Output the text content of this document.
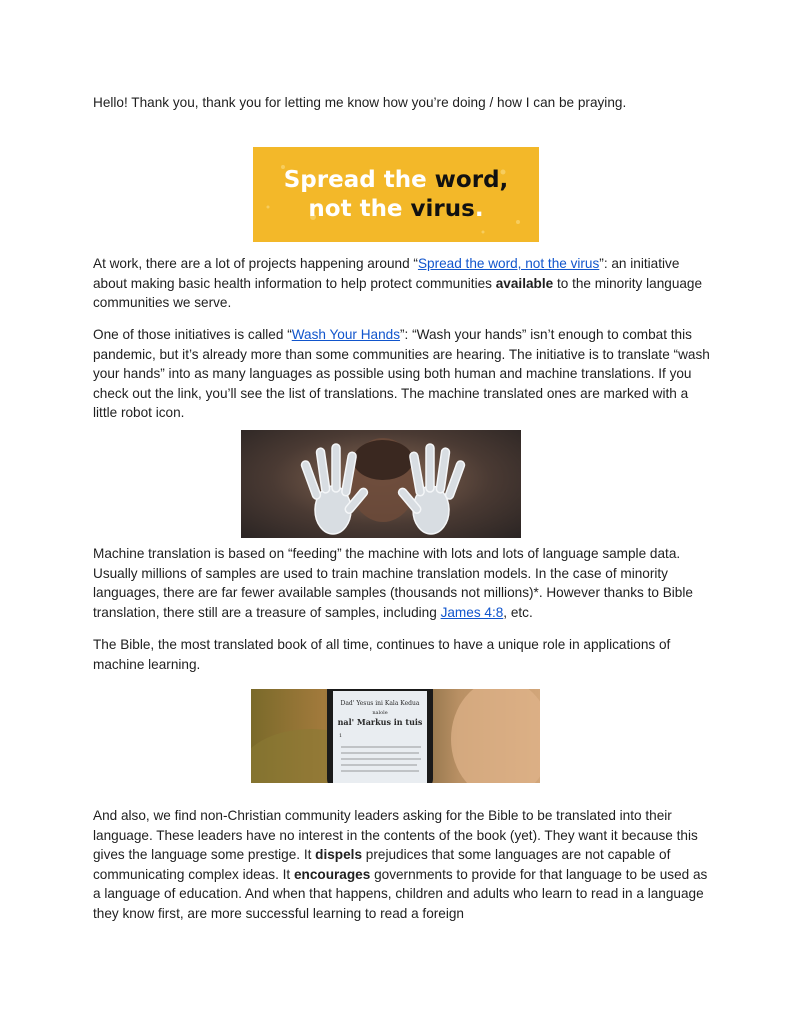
Hello! Thank you, thank you for letting me know how you’re doing / how I can be praying.

Spread the word,
not the virus.

At work, there are a lot of projects happening around “Spread the word, not the virus”: an initiative about making basic health information to help protect communities available to the minority language communities we serve.

One of those initiatives is called “Wash Your Hands”: “Wash your hands” isn’t enough to combat this pandemic, but it’s already more than some communities are hearing. The initiative is to translate “wash your hands” into as many languages as possible using both human and machine translations. If you check out the link, you’ll see the list of translations. The machine translated ones are marked with a little robot icon.

Machine translation is based on “feeding” the machine with lots and lots of language sample data. Usually millions of samples are used to train machine translation models. In the case of minority languages, there are far fewer available samples (thousands not millions)*. However thanks to Bible translation, there still are a treasure of samples, including James 4:8, etc.

The Bible, the most translated book of all time, continues to have a unique role in applications of machine learning.

Dad' Yesus ini Kala Kedua
nalole
nal' Markus in tuis
1

And also, we find non-Christian community leaders asking for the Bible to be translated into their language. These leaders have no interest in the contents of the book (yet). They want it because this gives the language some prestige. It dispels prejudices that some languages are not capable of communicating complex ideas. It encourages governments to provide for that language to be used as a language of education. And when that happens, children and adults who learn to read in a language they know first, are more successful learning to read a foreign
